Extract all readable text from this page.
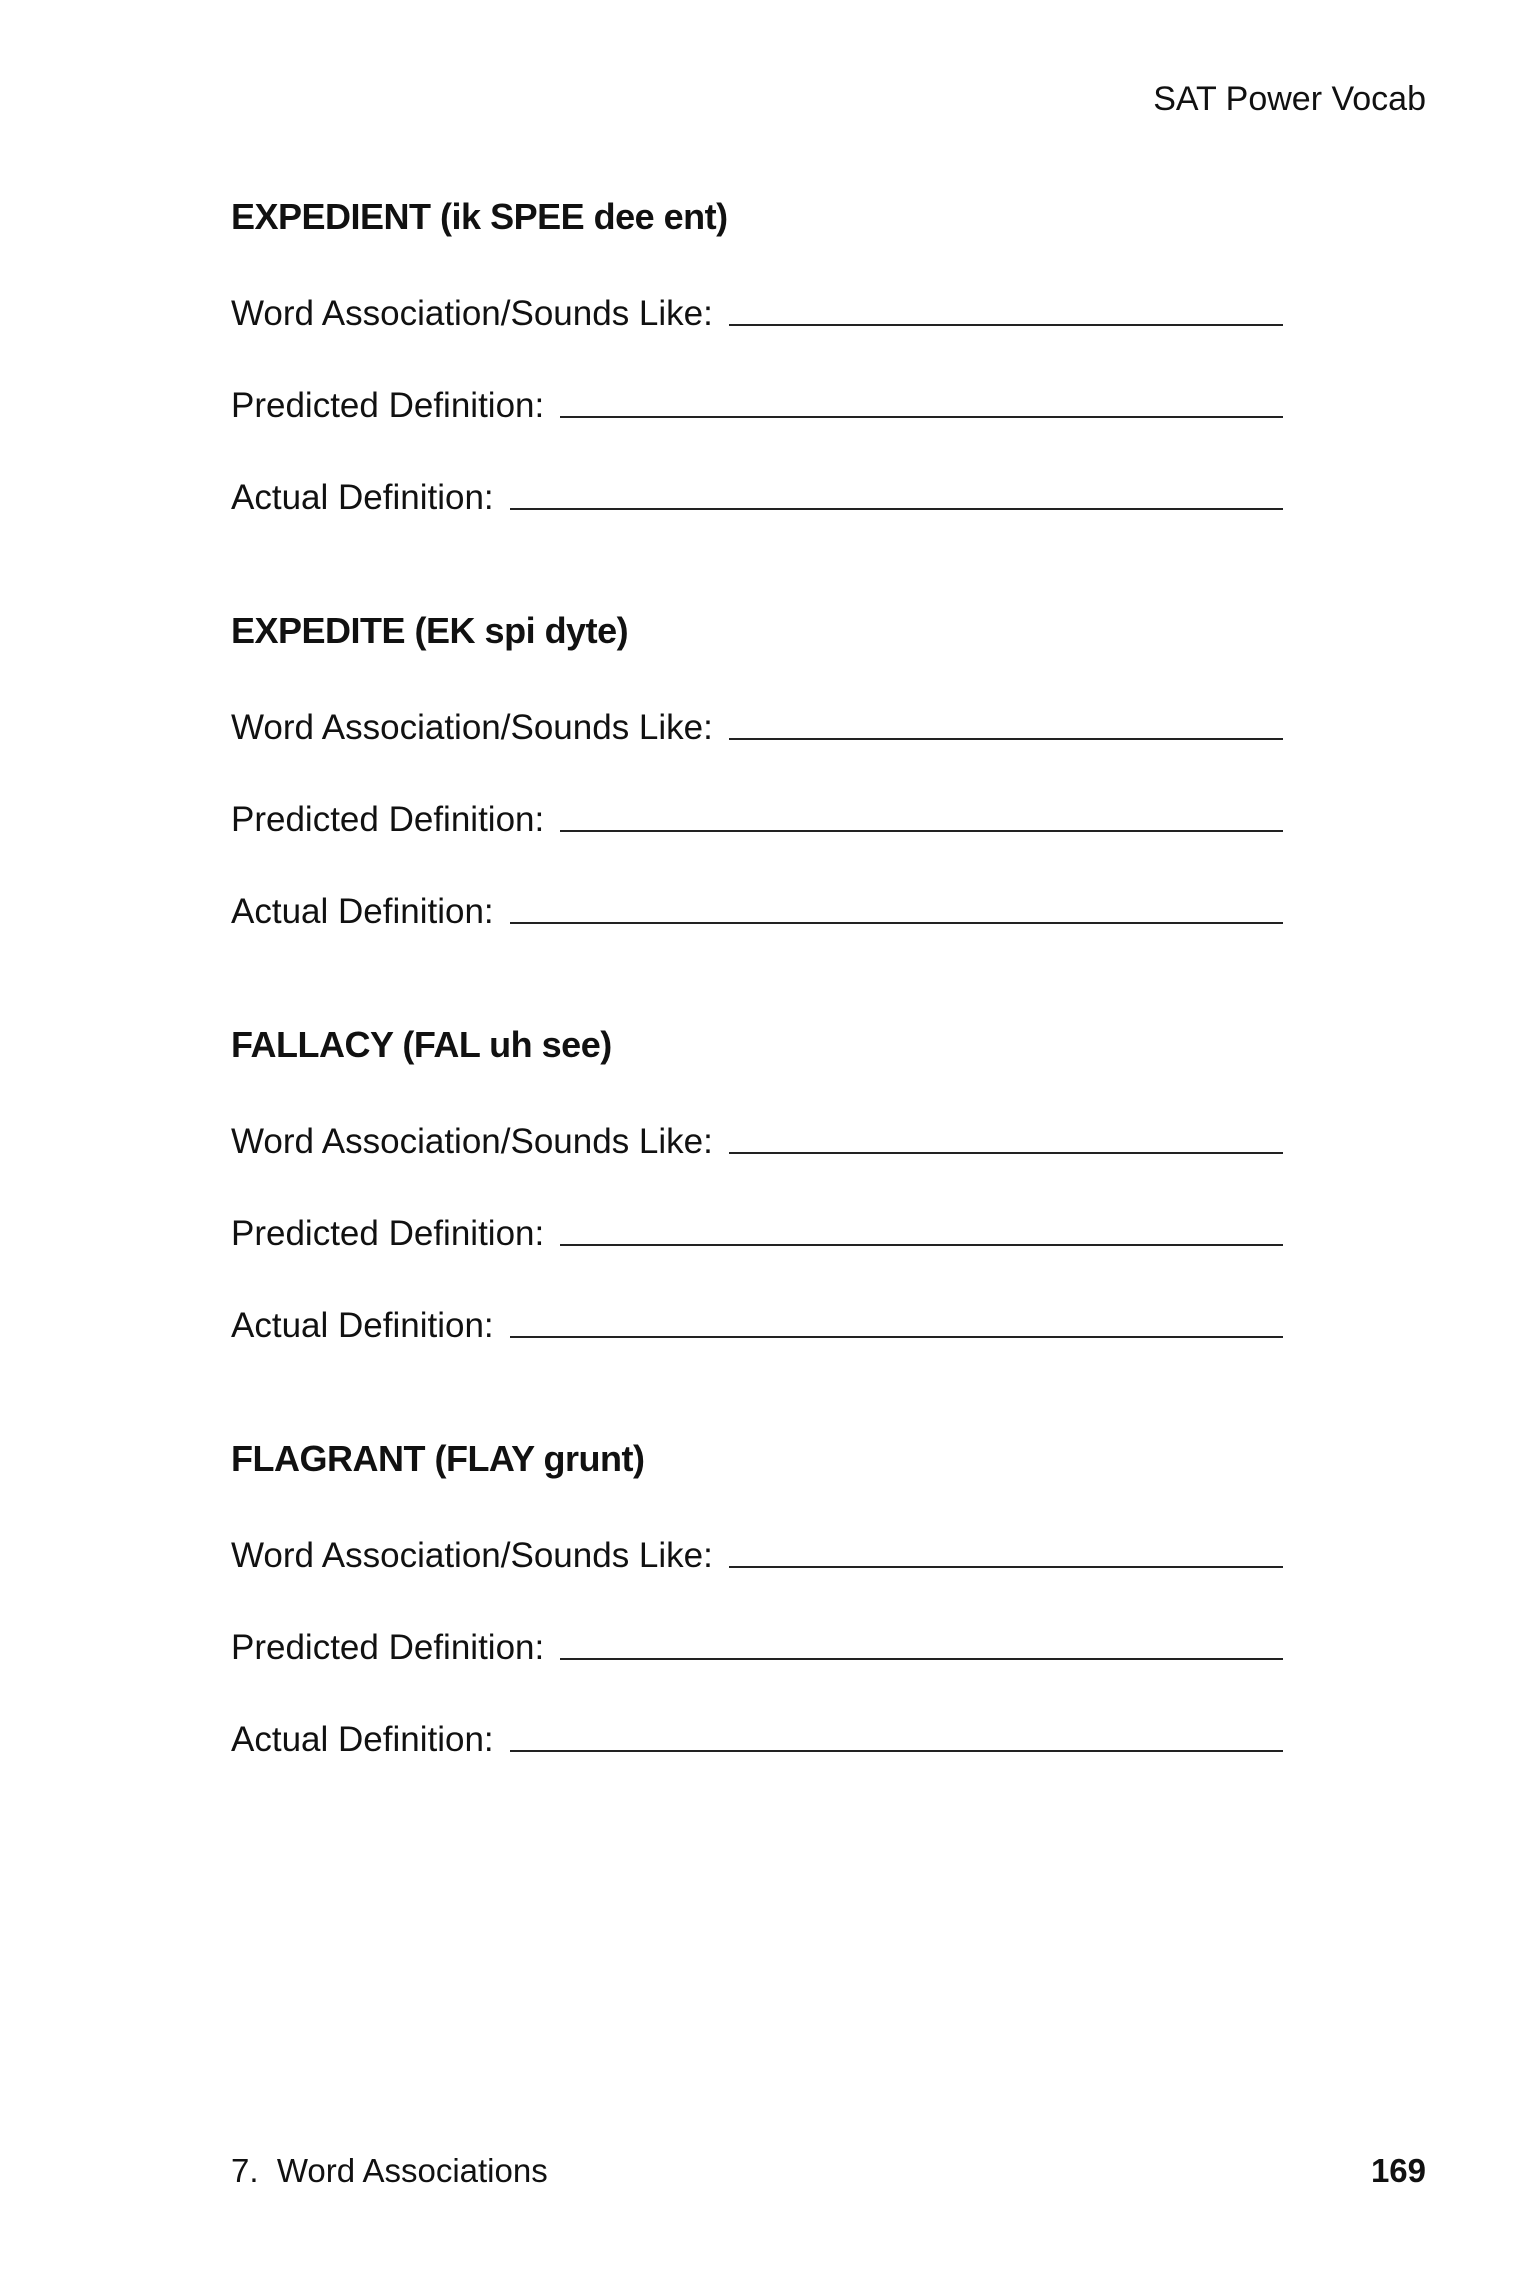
SAT Power Vocab
EXPEDIENT (ik SPEE dee ent)
Word Association/Sounds Like:
Predicted Definition:
Actual Definition:
EXPEDITE (EK spi dyte)
Word Association/Sounds Like:
Predicted Definition:
Actual Definition:
FALLACY (FAL uh see)
Word Association/Sounds Like:
Predicted Definition:
Actual Definition:
FLAGRANT (FLAY grunt)
Word Association/Sounds Like:
Predicted Definition:
Actual Definition:
7.  Word Associations	169
